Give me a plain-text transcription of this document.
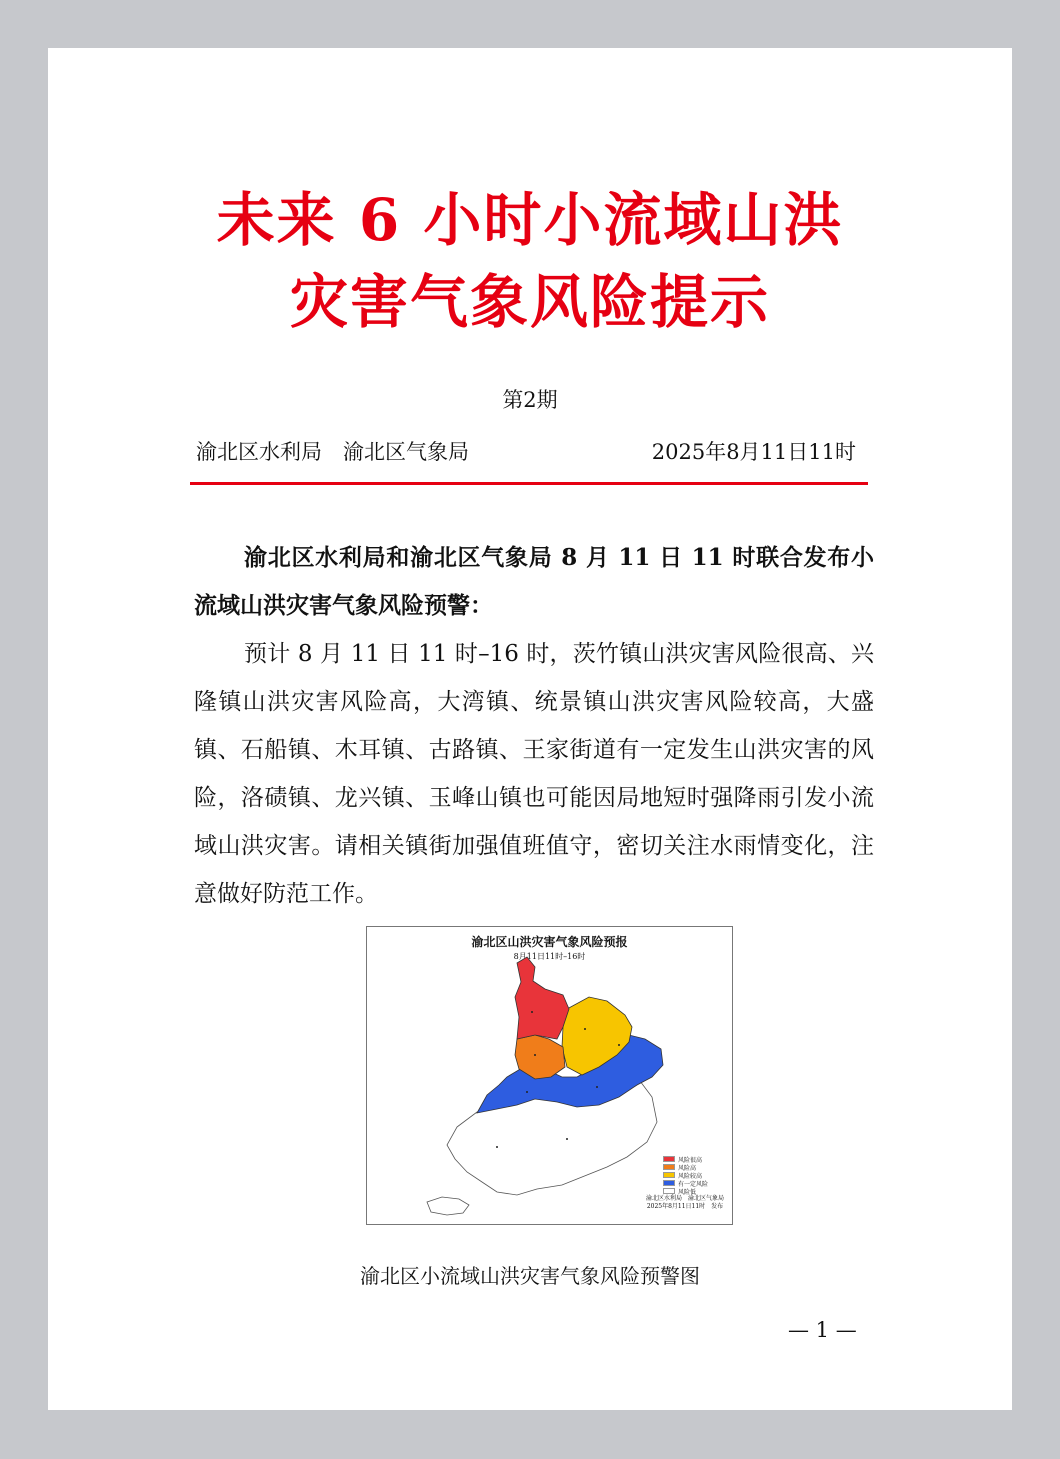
未来 6 小时小流域山洪
灾害气象风险提示
第2期
渝北区水利局　渝北区气象局	2025年8月11日11时
渝北区水利局和渝北区气象局 8 月 11 日 11 时联合发布小流域山洪灾害气象风险预警：
预计 8 月 11 日 11 时–16 时，茨竹镇山洪灾害风险很高、兴隆镇山洪灾害风险高，大湾镇、统景镇山洪灾害风险较高，大盛镇、石船镇、木耳镇、古路镇、王家街道有一定发生山洪灾害的风险，洛碛镇、龙兴镇、玉峰山镇也可能因局地短时强降雨引发小流域山洪灾害。请相关镇街加强值班值守，密切关注水雨情变化，注意做好防范工作。
渝北区山洪灾害气象风险预报
8月11日11时–16时
风险很高
风险高
风险较高
有一定风险
风险低
渝北区水利局　渝北区气象局
2025年8月11日11时　发布
渝北区小流域山洪灾害气象风险预警图
— 1 —
